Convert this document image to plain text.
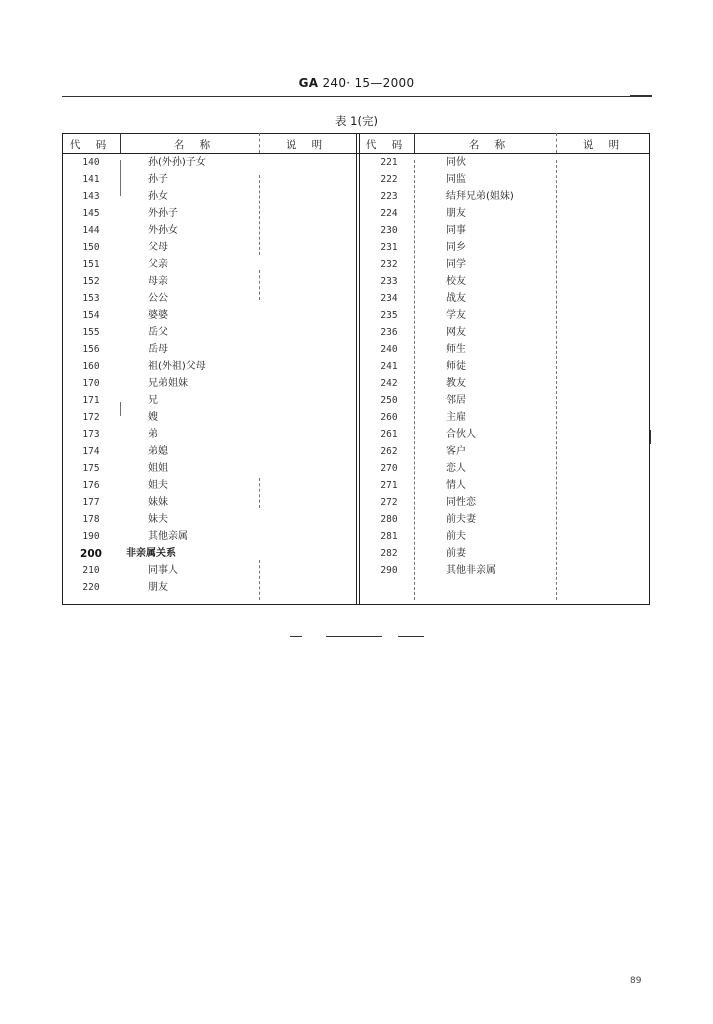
GA 240· 15—2000
表 1(完)
代 码	名 称	说 明	代 码	名 称	说 明
140	孙(外孙)子女
141	孙子
143	孙女
145	外孙子
144	外孙女
150	父母
151	父亲
152	母亲
153	公公
154	婆婆
155	岳父
156	岳母
160	祖(外祖)父母
170	兄弟姐妹
171	兄
172	嫂
173	弟
174	弟媳
175	姐姐
176	姐夫
177	妹妹
178	妹夫
190	其他亲属
200	非亲属关系
210	同事人
220	朋友
221	同伙
222	同监
223	结拜兄弟(姐妹)
224	朋友
230	同事
231	同乡
232	同学
233	校友
234	战友
235	学友
236	网友
240	师生
241	师徒
242	教友
250	邻居
260	主雇
261	合伙人
262	客户
270	恋人
271	情人
272	同性恋
280	前夫妻
281	前夫
282	前妻
290	其他非亲属
89
